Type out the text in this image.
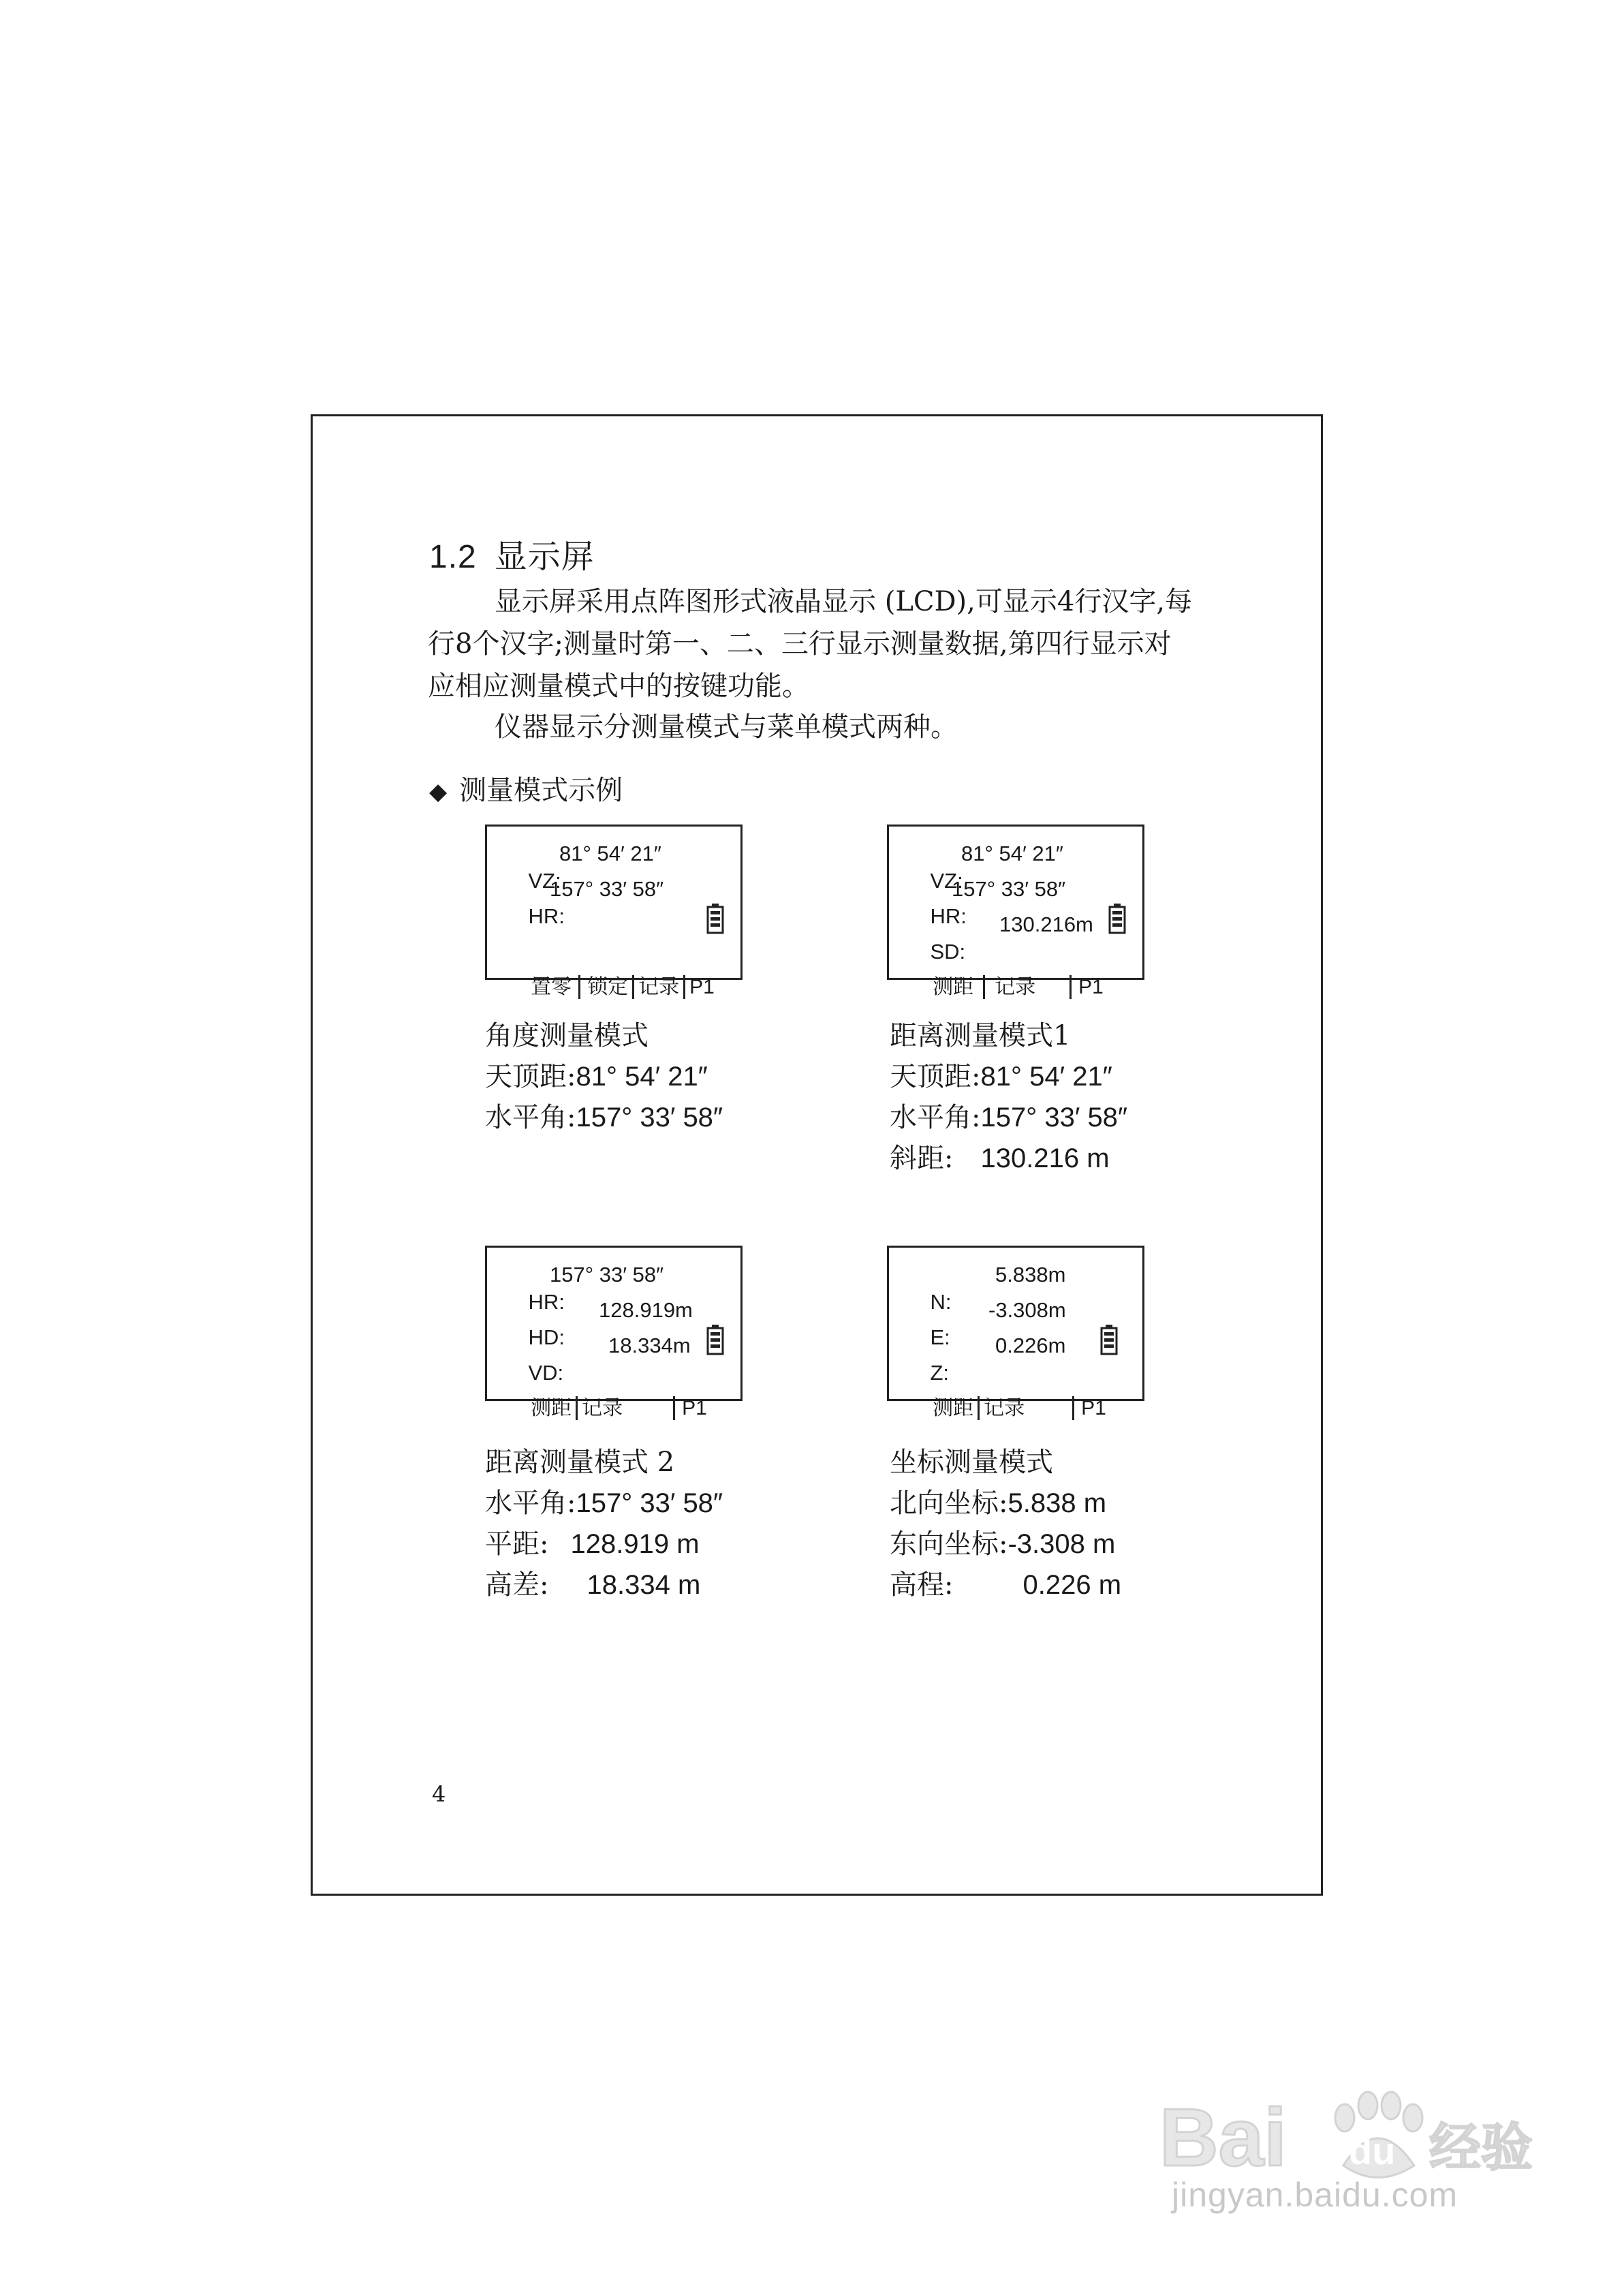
1.2 显示屏
显示屏采用点阵图形式液晶显示 (LCD),可显示4行汉字,每
行8个汉字;测量时第一、二、三行显示测量数据,第四行显示对
应相应测量模式中的按键功能。
仪器显示分测量模式与菜单模式两种。
◆ 测量模式示例

VZ:

81° 54′ 21″

HR:

157° 33′ 58″

置零 锁定 记录 P1

VZ:

81° 54′ 21″

HR:

157° 33′ 58″

SD:

130.216m

测距 记录 P1

角度测量模式
天顶距:81° 54′ 21″
水平角:157° 33′ 58″
距离测量模式1
天顶距:81° 54′ 21″
水平角:157° 33′ 58″
斜距: 130.216 m

HR:

157° 33′ 58″

HD:

128.919m

VD:

18.334m

测距 记录	P1

N:

5.838m

E:

-3.308m

Z:

0.226m

测距 记录	P1

距离测量模式 2
水平角:157° 33′ 58″
平距: 128.919 m
高差: 18.334 m
坐标测量模式
北向坐标:5.838 m
东向坐标:-3.308 m
高程:	0.226 m
4
Bai du 经验
jingyan.baidu.com
